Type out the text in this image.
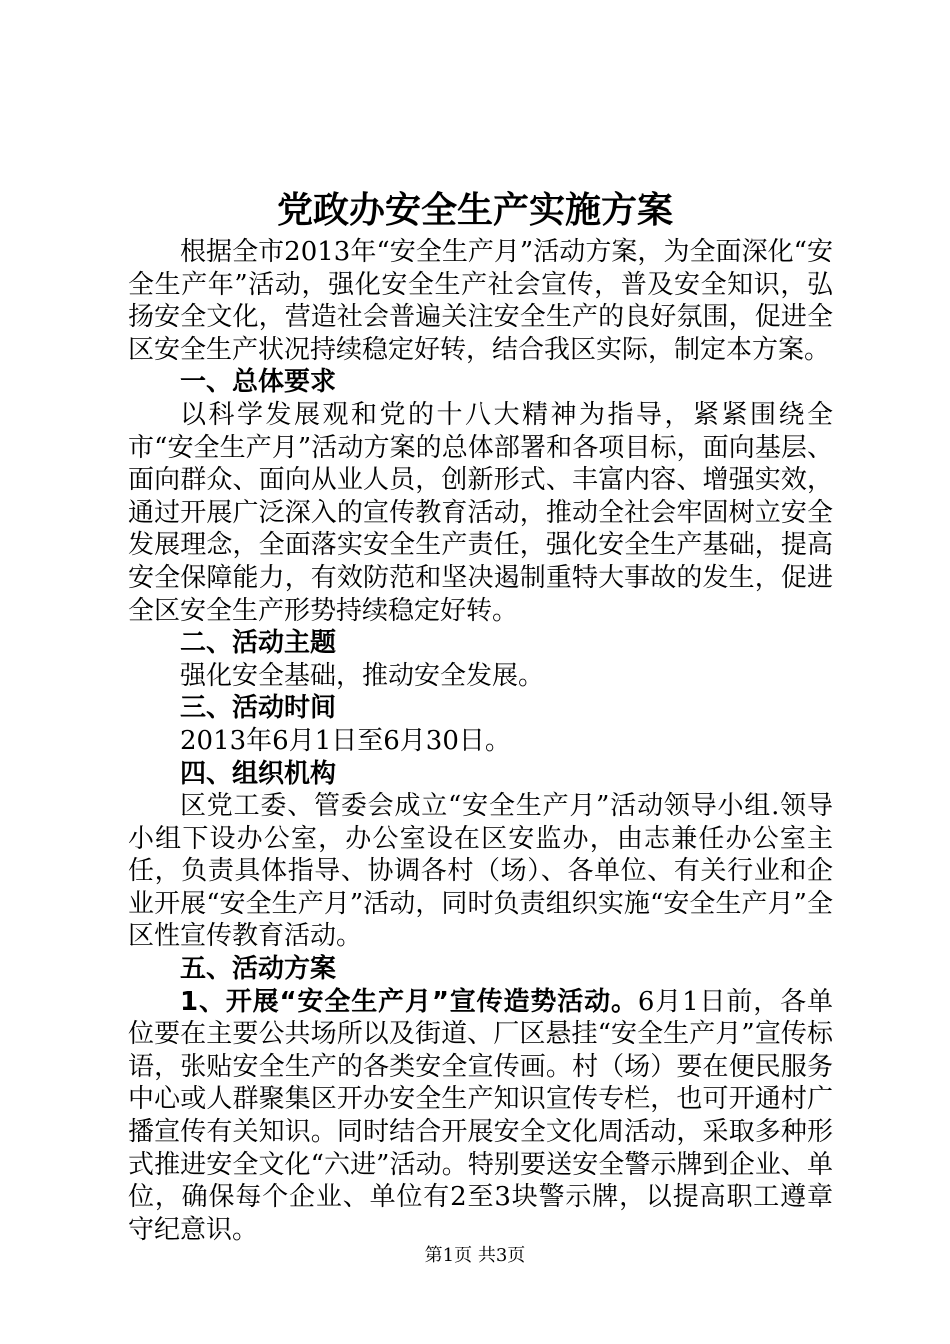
党政办安全生产实施方案

根据全市2013年“安全生产月”活动方案，为全面深化“安全生产年”活动，强化安全生产社会宣传，普及安全知识，弘扬安全文化，营造社会普遍关注安全生产的良好氛围，促进全区安全生产状况持续稳定好转，结合我区实际，制定本方案。

一、总体要求

以科学发展观和党的十八大精神为指导，紧紧围绕全市“安全生产月”活动方案的总体部署和各项目标，面向基层、面向群众、面向从业人员，创新形式、丰富内容、增强实效，通过开展广泛深入的宣传教育活动，推动全社会牢固树立安全发展理念，全面落实安全生产责任，强化安全生产基础，提高安全保障能力，有效防范和坚决遏制重特大事故的发生，促进全区安全生产形势持续稳定好转。

二、活动主题

强化安全基础，推动安全发展。

三、活动时间

2013年6月1日至6月30日。

四、组织机构

区党工委、管委会成立“安全生产月”活动领导小组.领导小组下设办公室，办公室设在区安监办，由志兼任办公室主任，负责具体指导、协调各村（场）、各单位、有关行业和企业开展“安全生产月”活动，同时负责组织实施“安全生产月”全区性宣传教育活动。

五、活动方案

1、开展“安全生产月”宣传造势活动。6月1日前，各单位要在主要公共场所以及街道、厂区悬挂“安全生产月”宣传标语，张贴安全生产的各类安全宣传画。村（场）要在便民服务中心或人群聚集区开办安全生产知识宣传专栏，也可开通村广播宣传有关知识。同时结合开展安全文化周活动，采取多种形式推进安全文化“六进”活动。特别要送安全警示牌到企业、单位，确保每个企业、单位有2至3块警示牌，以提高职工遵章守纪意识。

第1页 共3页
